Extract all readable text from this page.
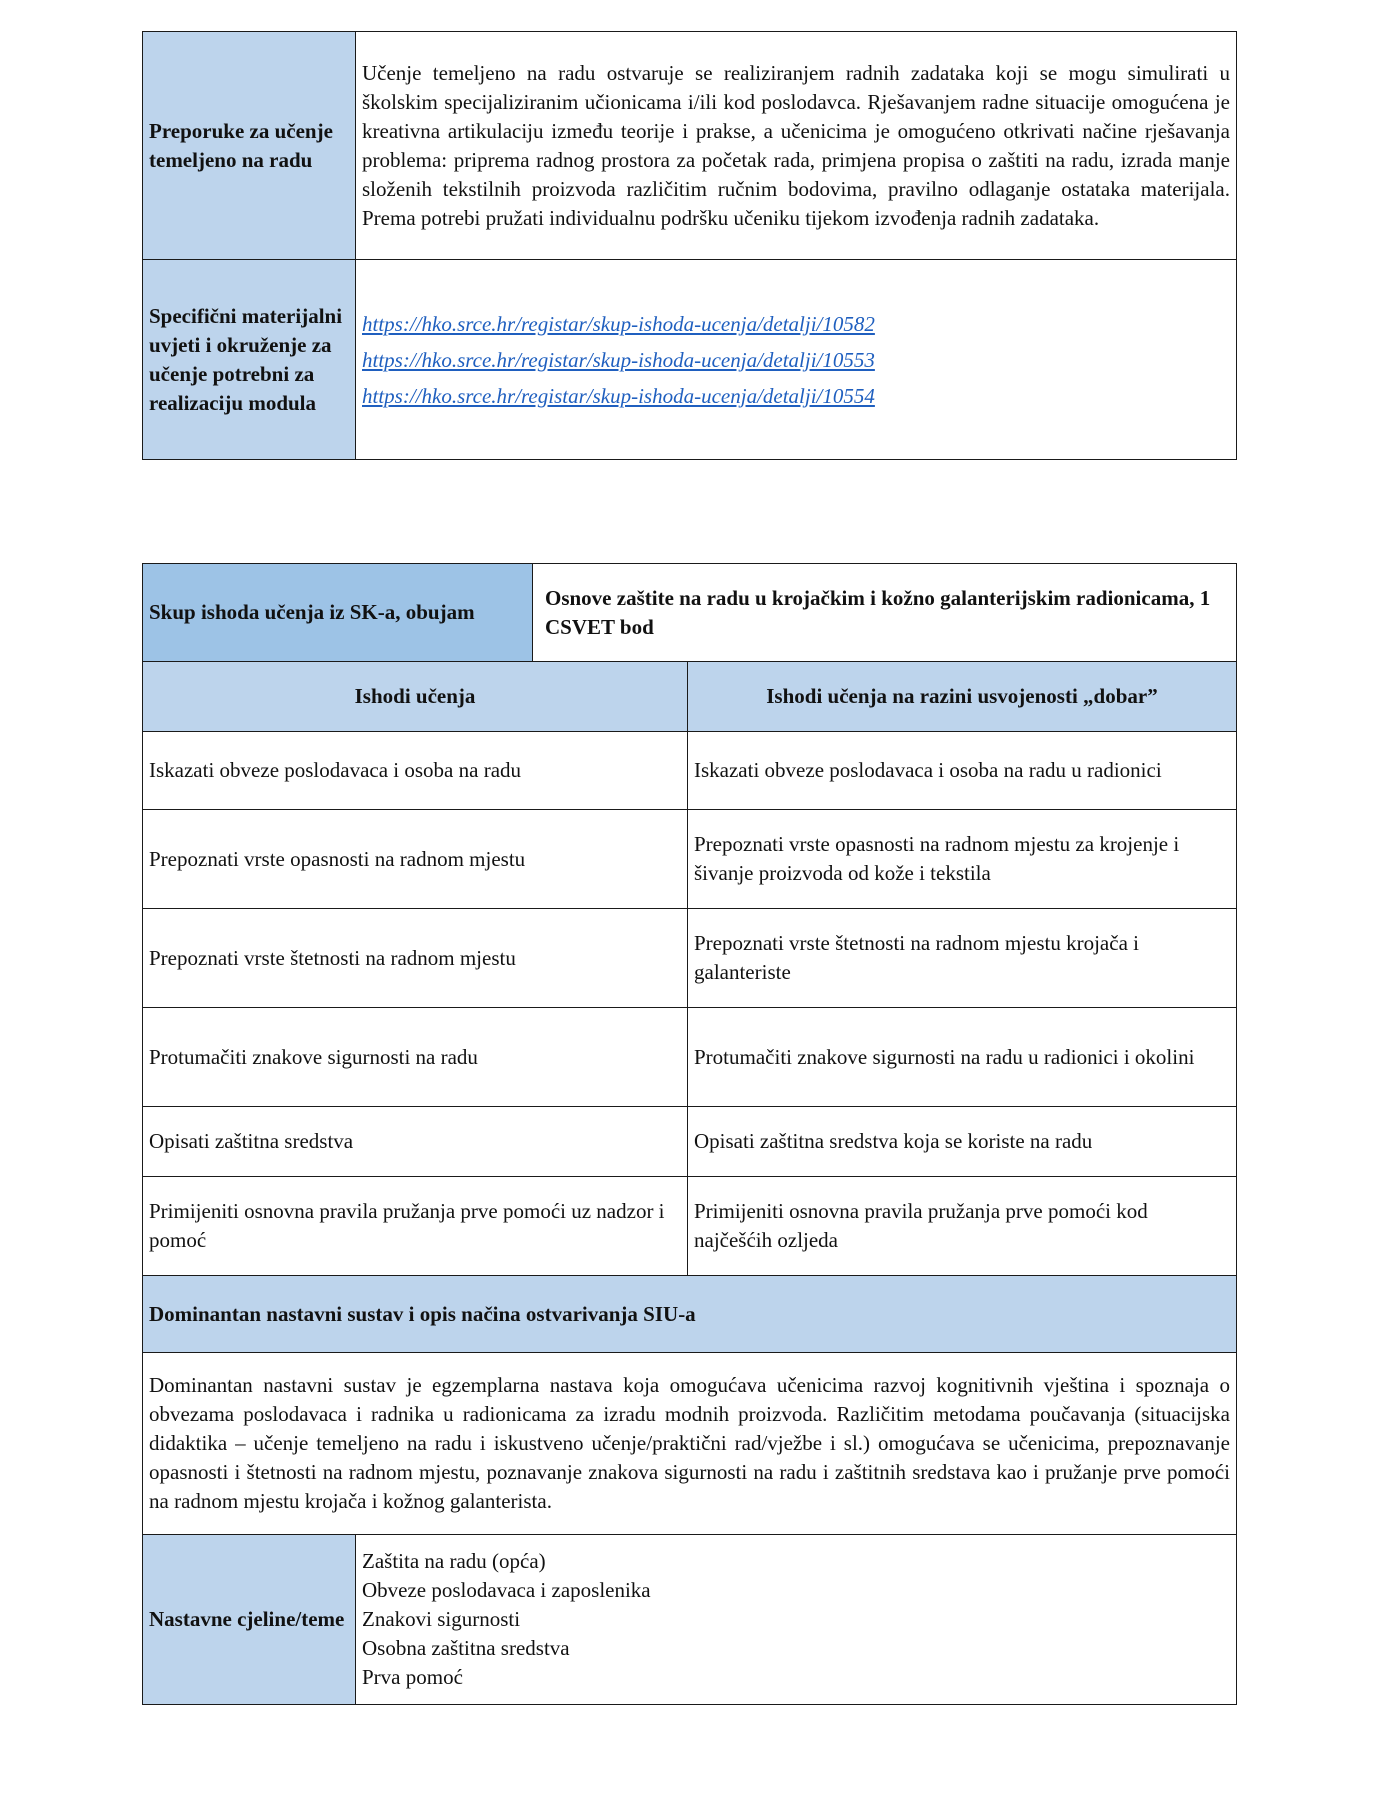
Preporuke za učenje temeljeno na radu	Učenje temeljeno na radu ostvaruje se realiziranjem radnih zadataka koji se mogu simulirati u školskim specijaliziranim učionicama i/ili kod poslodavca. Rješavanjem radne situacije omogućena je kreativna artikulaciju između teorije i prakse, a učenicima je omogućeno otkrivati načine rješavanja problema: priprema radnog prostora za početak rada, primjena propisa o zaštiti na radu, izrada manje složenih tekstilnih proizvoda različitim ručnim bodovima, pravilno odlaganje ostataka materijala. Prema potrebi pružati individualnu podršku učeniku tijekom izvođenja radnih zadataka.
Specifični materijalni uvjeti i okruženje za učenje potrebni za realizaciju modula	https://hko.srce.hr/registar/skup-ishoda-ucenja/detalji/10582
https://hko.srce.hr/registar/skup-ishoda-ucenja/detalji/10553
https://hko.srce.hr/registar/skup-ishoda-ucenja/detalji/10554
Skup ishoda učenja iz SK-a, obujam		Osnove zaštite na radu u krojačkim i kožno galanterijskim radionicama, 1 CSVET bod	
Ishodi učenja			Ishodi učenja na razini usvojenosti „dobar”
Iskazati obveze poslodavaca i osoba na radu			Iskazati obveze poslodavaca i osoba na radu u radionici
Prepoznati vrste opasnosti na radnom mjestu			Prepoznati vrste opasnosti na radnom mjestu za krojenje i šivanje proizvoda od kože i tekstila
Prepoznati vrste štetnosti na radnom mjestu			Prepoznati vrste štetnosti na radnom mjestu krojača i galanteriste
Protumačiti znakove sigurnosti na radu			Protumačiti znakove sigurnosti na radu u radionici i okolini
Opisati zaštitna sredstva			Opisati zaštitna sredstva koja se koriste na radu
Primijeniti osnovna pravila pružanja prve pomoći uz nadzor i pomoć			Primijeniti osnovna pravila pružanja prve pomoći kod najčešćih ozljeda
Dominantan nastavni sustav i opis načina ostvarivanja SIU-a			
Dominantan nastavni sustav je egzemplarna nastava koja omogućava učenicima razvoj kognitivnih vještina i spoznaja o obvezama poslodavaca i radnika u radionicama za izradu modnih proizvoda. Različitim metodama poučavanja (situacijska didaktika – učenje temeljeno na radu i iskustveno učenje/praktični rad/vježbe i sl.) omogućava se učenicima, prepoznavanje opasnosti i štetnosti na radnom mjestu, poznavanje znakova sigurnosti na radu i zaštitnih sredstava kao i pružanje prve pomoći na radnom mjestu krojača i kožnog galanterista.			
Nastavne cjeline/teme	Zaštita na radu (opća)
Obveze poslodavaca i zaposlenika
Znakovi sigurnosti
Osobna zaštitna sredstva
Prva pomoć		
